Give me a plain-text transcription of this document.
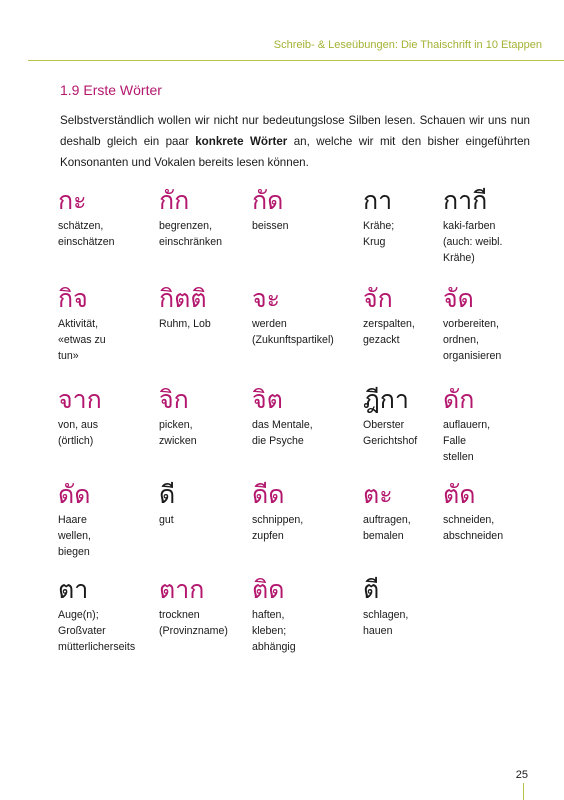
Schreib- & Leseübungen: Die Thaischrift in 10 Etappen
1.9 Erste Wörter

Selbstverständlich wollen wir nicht nur bedeutungslose Silben lesen. Schauen wir uns nun deshalb gleich ein paar konkrete Wörter an, welche wir mit den bisher eingeführten Konsonanten und Vokalen bereits lesen können.

กะ
schätzen,
einschätzen
กัก
begrenzen,
einschränken
กัด
beissen
กา
Krähe;
Krug
กากี
kaki-farben
(auch: weibl.
Krähe)
กิจ
Aktivität,
«etwas zu
tun»
กิตติ
Ruhm, Lob
จะ
werden
(Zukunftspartikel)
จัก
zerspalten,
gezackt
จัด
vorbereiten,
ordnen,
organisieren
จาก
von, aus
(örtlich)
จิก
picken,
zwicken
จิต
das Mentale,
die Psyche
ฎีกา
Oberster
Gerichtshof
ดัก
auflauern,
Falle
stellen
ดัด
Haare
wellen,
biegen
ดี
gut
ดีด
schnippen,
zupfen
ตะ
auftragen,
bemalen
ตัด
schneiden,
abschneiden
ตา
Auge(n);
Großvater
mütterlicherseits
ตาก
trocknen
(Provinzname)
ติด
haften,
kleben;
abhängig
ตี
schlagen,
hauen
25
